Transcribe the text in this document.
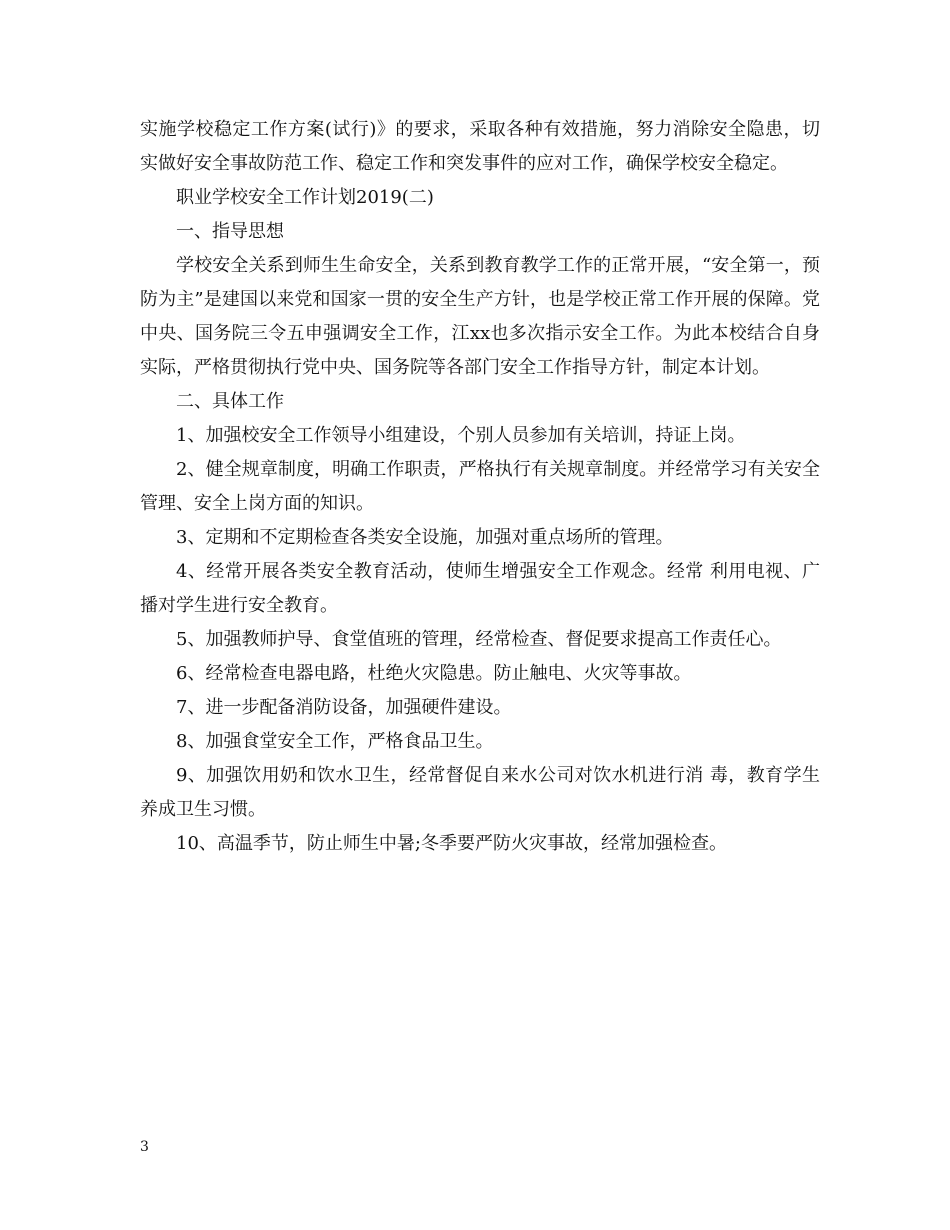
实施学校稳定工作方案(试行)》的要求，采取各种有效措施，努力消除安全隐患，切实做好安全事故防范工作、稳定工作和突发事件的应对工作，确保学校安全稳定。

职业学校安全工作计划2019(二)

一、指导思想

学校安全关系到师生生命安全，关系到教育教学工作的正常开展，“安全第一，预防为主”是建国以来党和国家一贯的安全生产方针，也是学校正常工作开展的保障。党中央、国务院三令五申强调安全工作，江xx也多次指示安全工作。为此本校结合自身实际，严格贯彻执行党中央、国务院等各部门安全工作指导方针，制定本计划。

二、具体工作

1、加强校安全工作领导小组建设，个别人员参加有关培训，持证上岗。

2、健全规章制度，明确工作职责，严格执行有关规章制度。并经常学习有关安全管理、安全上岗方面的知识。

3、定期和不定期检查各类安全设施，加强对重点场所的管理。

4、经常开展各类安全教育活动，使师生增强安全工作观念。经常 利用电视、广播对学生进行安全教育。

5、加强教师护导、食堂值班的管理，经常检查、督促要求提高工作责任心。

6、经常检查电器电路，杜绝火灾隐患。防止触电、火灾等事故。

7、进一步配备消防设备，加强硬件建设。

8、加强食堂安全工作，严格食品卫生。

9、加强饮用奶和饮水卫生，经常督促自来水公司对饮水机进行消 毒，教育学生养成卫生习惯。

10、高温季节，防止师生中暑;冬季要严防火灾事故，经常加强检查。

3
